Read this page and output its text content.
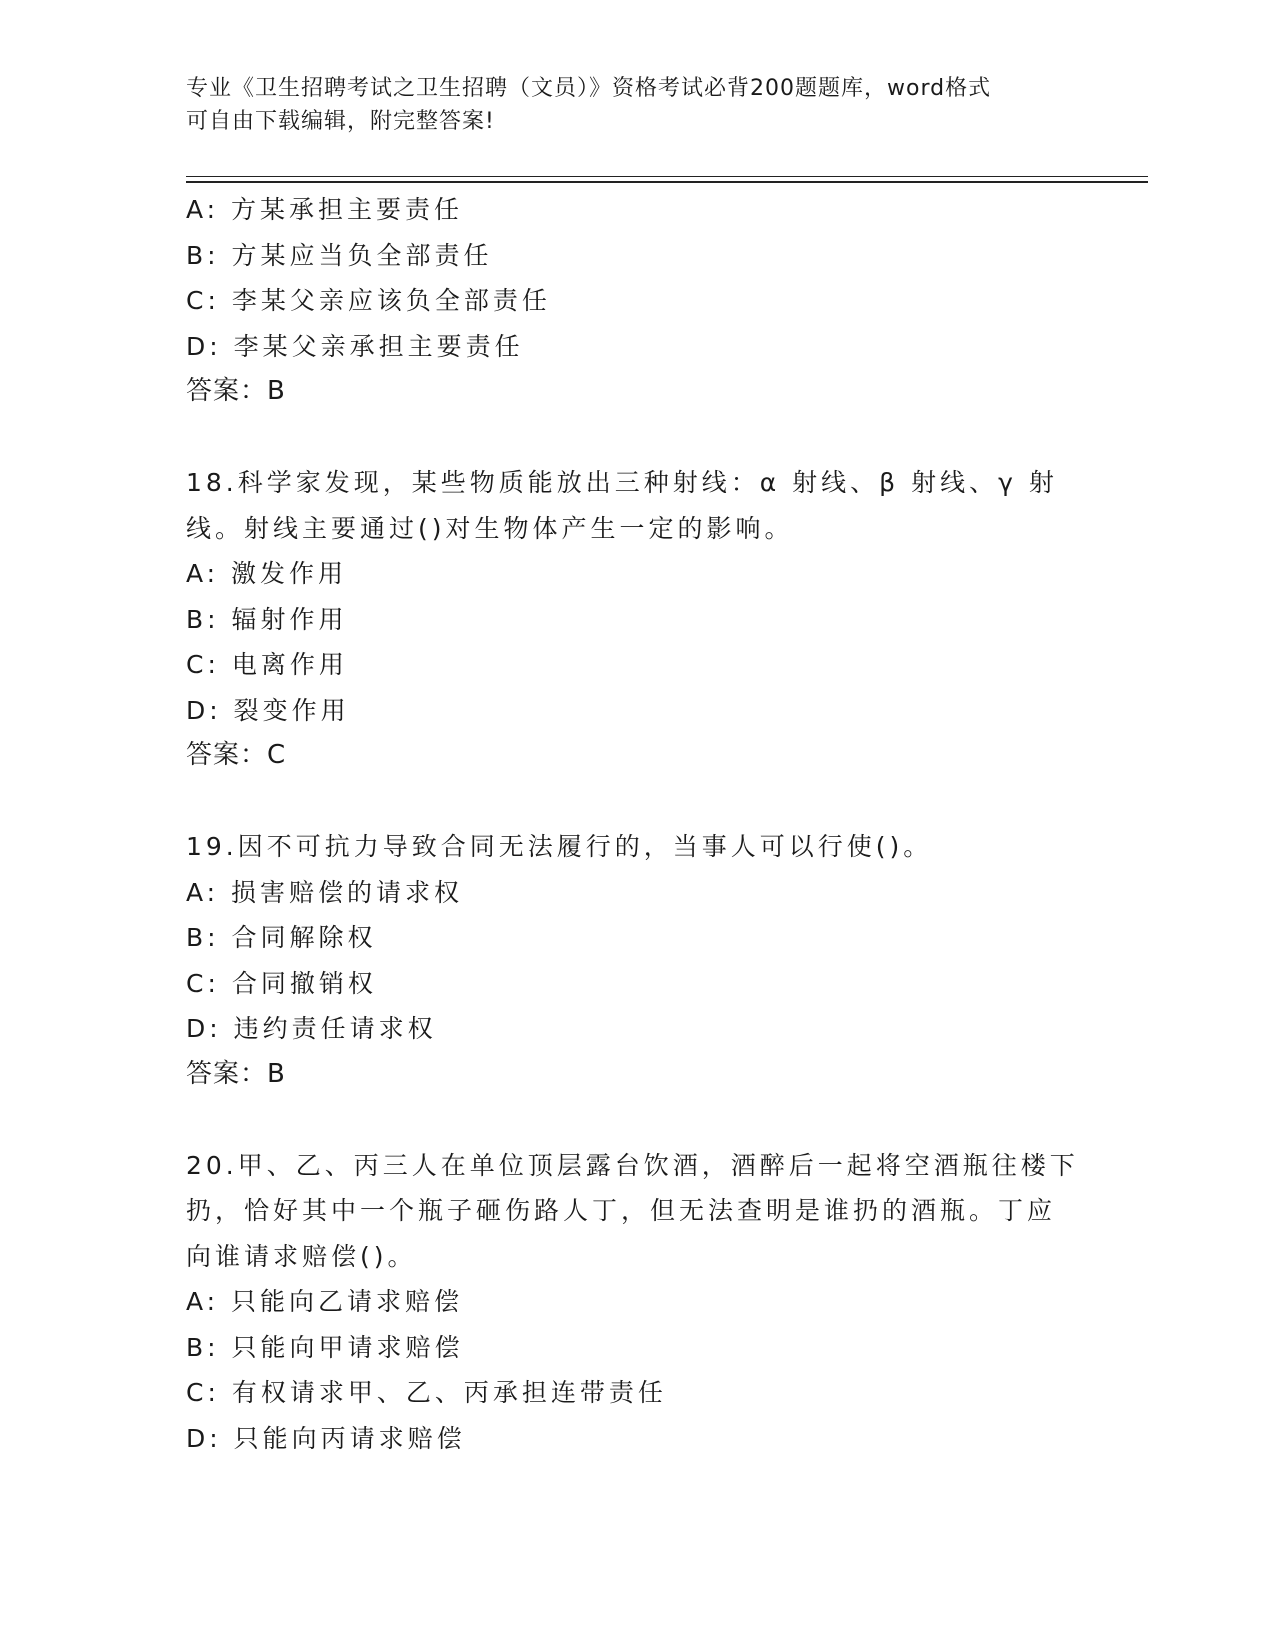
专业《卫生招聘考试之卫生招聘（文员）》资格考试必背200题题库，word格式

可自由下载编辑，附完整答案!

A: 方某承担主要责任
B: 方某应当负全部责任
C: 李某父亲应该负全部责任
D: 李某父亲承担主要责任
答案：B
18.科学家发现，某些物质能放出三种射线：α 射线、β 射线、γ 射
线。射线主要通过()对生物体产生一定的影响。
A: 激发作用
B: 辐射作用
C: 电离作用
D: 裂变作用
答案：C
19.因不可抗力导致合同无法履行的，当事人可以行使()。
A: 损害赔偿的请求权
B: 合同解除权
C: 合同撤销权
D: 违约责任请求权
答案：B
20.甲、乙、丙三人在单位顶层露台饮酒，酒醉后一起将空酒瓶往楼下
扔，恰好其中一个瓶子砸伤路人丁，但无法查明是谁扔的酒瓶。丁应
向谁请求赔偿()。
A: 只能向乙请求赔偿
B: 只能向甲请求赔偿
C: 有权请求甲、乙、丙承担连带责任
D: 只能向丙请求赔偿
